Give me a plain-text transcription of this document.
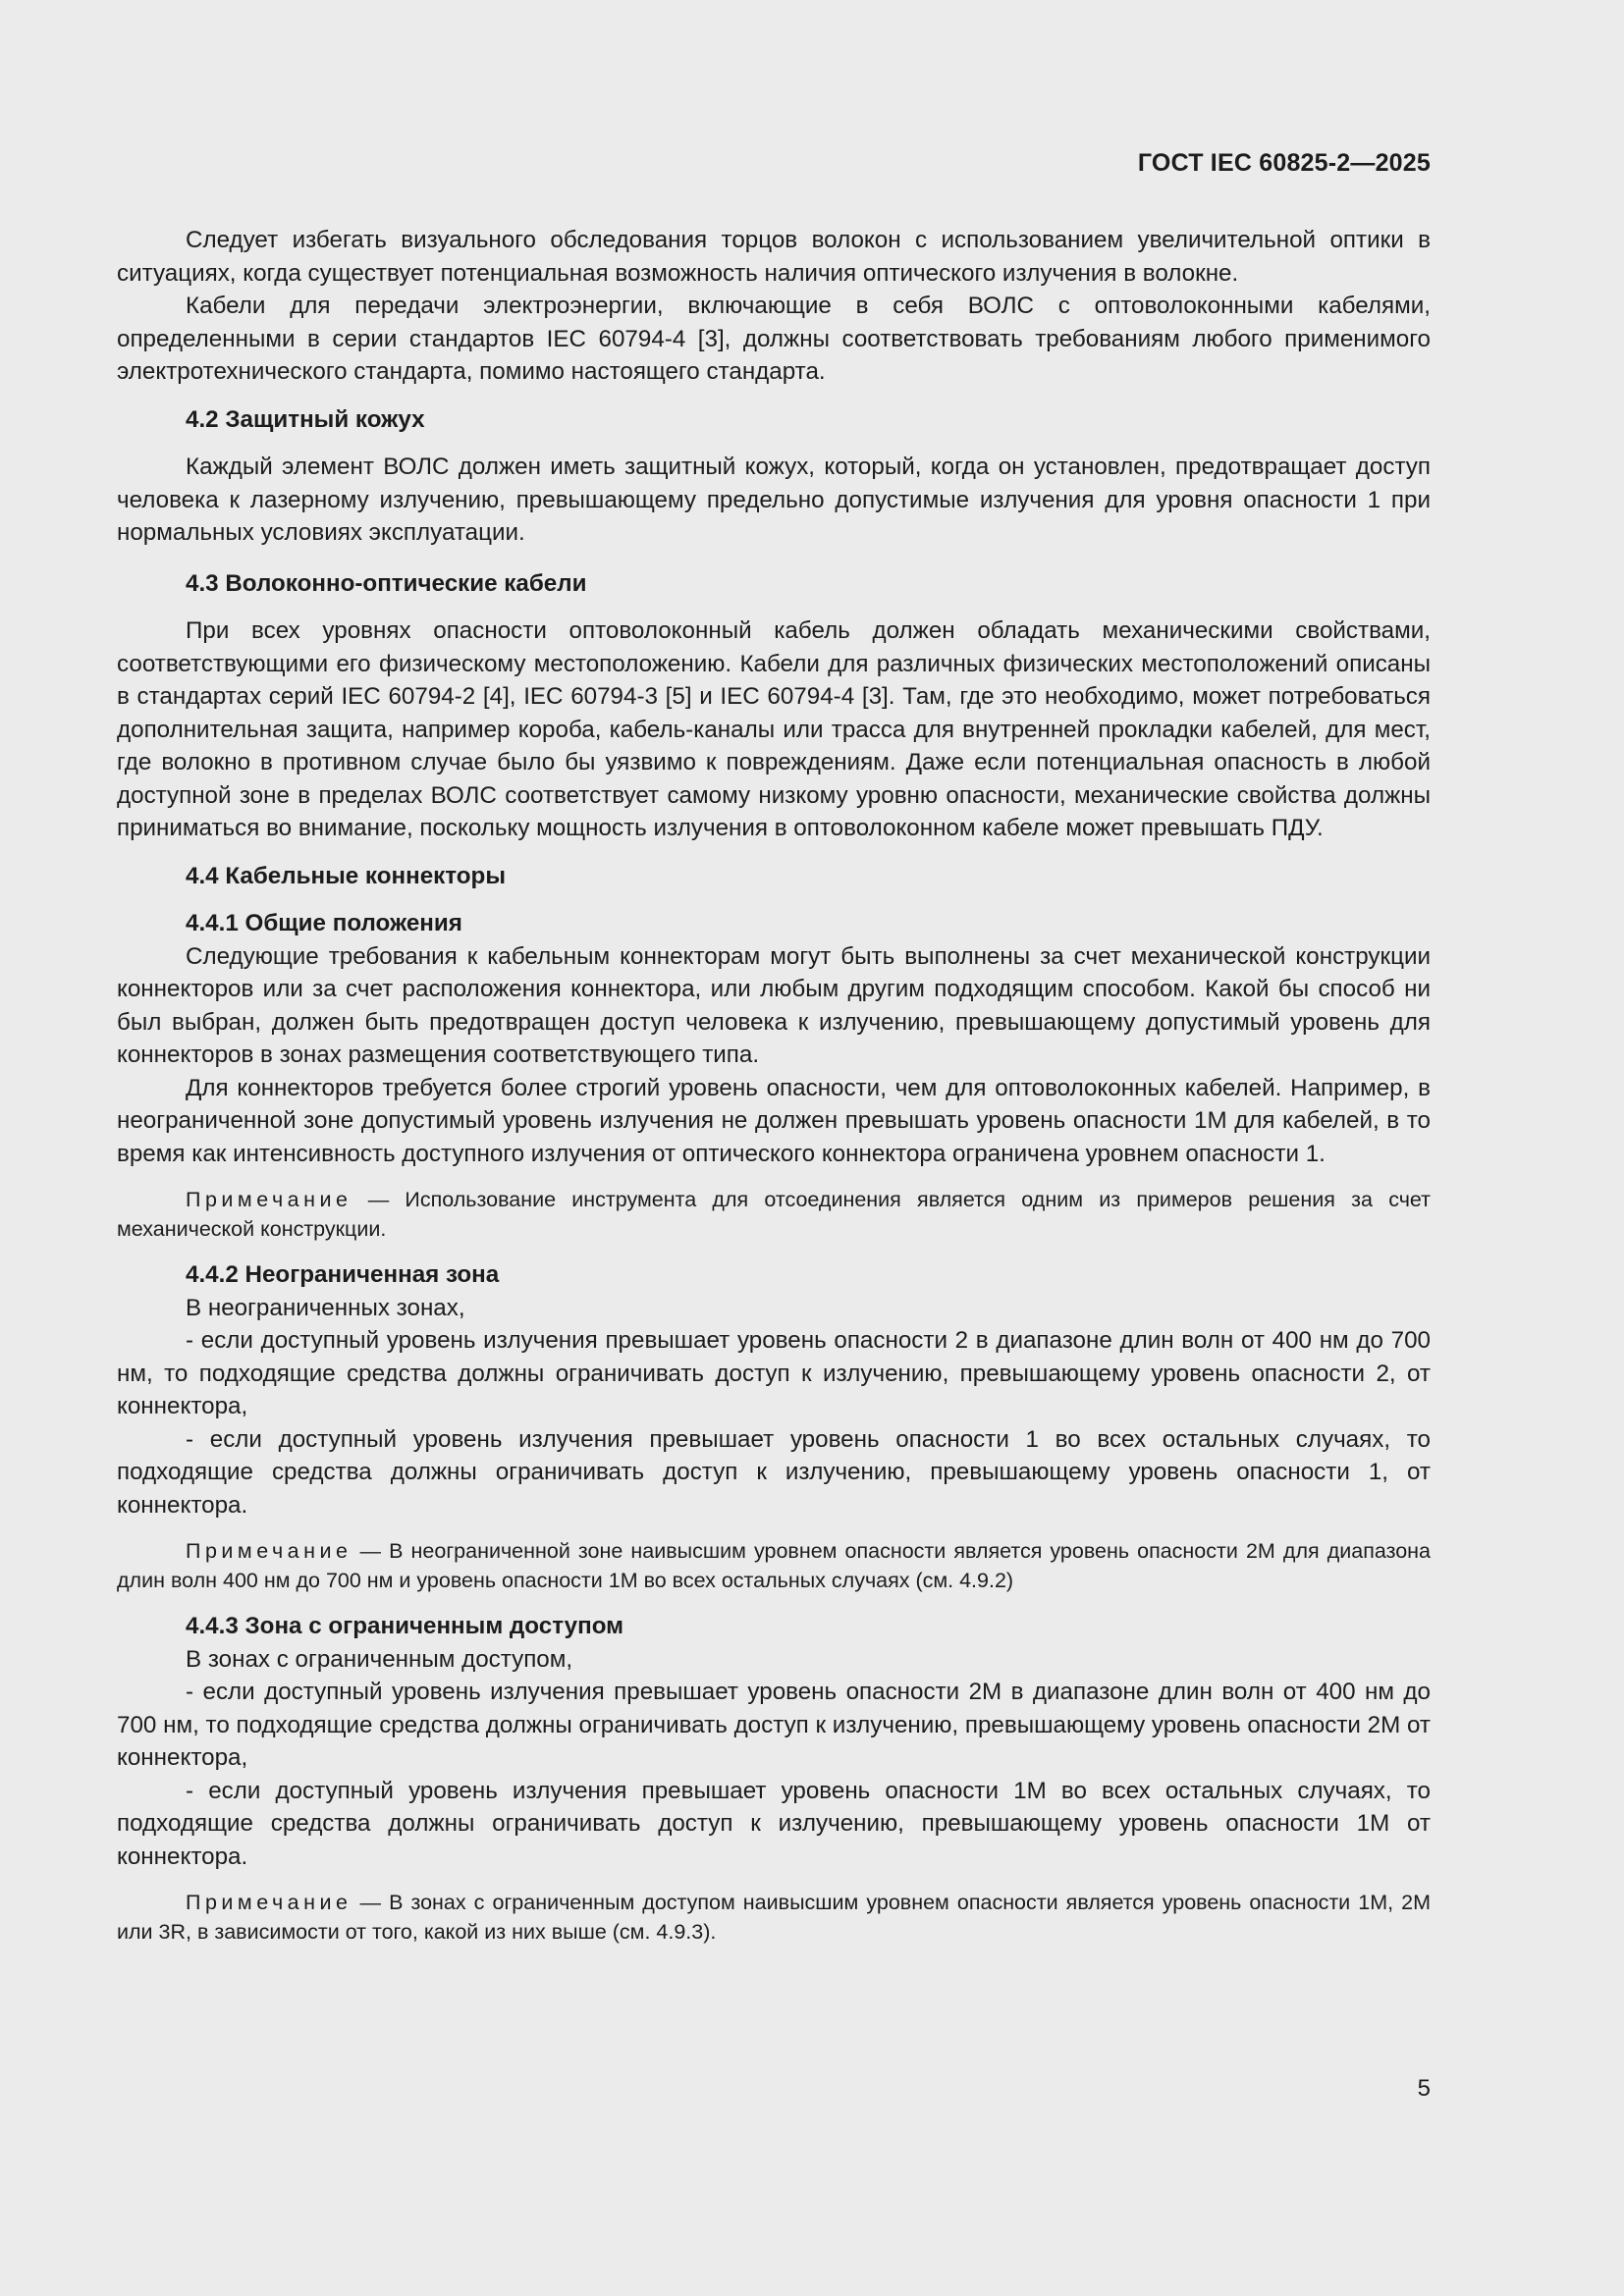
ГОСТ IEC 60825-2—2025

Следует избегать визуального обследования торцов волокон с использованием увеличительной оптики в ситуациях, когда существует потенциальная возможность наличия оптического излучения в волокне.

Кабели для передачи электроэнергии, включающие в себя ВОЛС с оптоволоконными кабелями, определенными в серии стандартов IEC 60794-4 [3], должны соответствовать требованиям любого применимого электротехнического стандарта, помимо настоящего стандарта.

4.2 Защитный кожух

Каждый элемент ВОЛС должен иметь защитный кожух, который, когда он установлен, предотвращает доступ человека к лазерному излучению, превышающему предельно допустимые излучения для уровня опасности 1 при нормальных условиях эксплуатации.

4.3 Волоконно-оптические кабели

При всех уровнях опасности оптоволоконный кабель должен обладать механическими свойствами, соответствующими его физическому местоположению. Кабели для различных физических местоположений описаны в стандартах серий IEC 60794-2 [4], IEC 60794-3 [5] и IEC 60794-4 [3]. Там, где это необходимо, может потребоваться дополнительная защита, например короба, кабель-каналы или трасса для внутренней прокладки кабелей, для мест, где волокно в противном случае было бы уязвимо к повреждениям. Даже если потенциальная опасность в любой доступной зоне в пределах ВОЛС соответствует самому низкому уровню опасности, механические свойства должны приниматься во внимание, поскольку мощность излучения в оптоволоконном кабеле может превышать ПДУ.

4.4 Кабельные коннекторы
4.4.1 Общие положения

Следующие требования к кабельным коннекторам могут быть выполнены за счет механической конструкции коннекторов или за счет расположения коннектора, или любым другим подходящим способом. Какой бы способ ни был выбран, должен быть предотвращен доступ человека к излучению, превышающему допустимый уровень для коннекторов в зонах размещения соответствующего типа.

Для коннекторов требуется более строгий уровень опасности, чем для оптоволоконных кабелей. Например, в неограниченной зоне допустимый уровень излучения не должен превышать уровень опасности 1М для кабелей, в то время как интенсивность доступного излучения от оптического коннектора ограничена уровнем опасности 1.

Примечание — Использование инструмента для отсоединения является одним из примеров решения за счет механической конструкции.

4.4.2 Неограниченная зона

В неограниченных зонах,

- если доступный уровень излучения превышает уровень опасности 2 в диапазоне длин волн от 400 нм до 700 нм, то подходящие средства должны ограничивать доступ к излучению, превышающему уровень опасности 2, от коннектора,

- если доступный уровень излучения превышает уровень опасности 1 во всех остальных случаях, то подходящие средства должны ограничивать доступ к излучению, превышающему уровень опасности 1, от коннектора.

Примечание — В неограниченной зоне наивысшим уровнем опасности является уровень опасности 2М для диапазона длин волн 400 нм до 700 нм и уровень опасности 1М во всех остальных случаях (см. 4.9.2)

4.4.3 Зона с ограниченным доступом

В зонах с ограниченным доступом,

- если доступный уровень излучения превышает уровень опасности 2М в диапазоне длин волн от 400 нм до 700 нм, то подходящие средства должны ограничивать доступ к излучению, превышающему уровень опасности 2М от коннектора,

- если доступный уровень излучения превышает уровень опасности 1М во всех остальных случаях, то подходящие средства должны ограничивать доступ к излучению, превышающему уровень опасности 1М от коннектора.

Примечание — В зонах с ограниченным доступом наивысшим уровнем опасности является уровень опасности 1М, 2М или 3R, в зависимости от того, какой из них выше (см. 4.9.3).

5
